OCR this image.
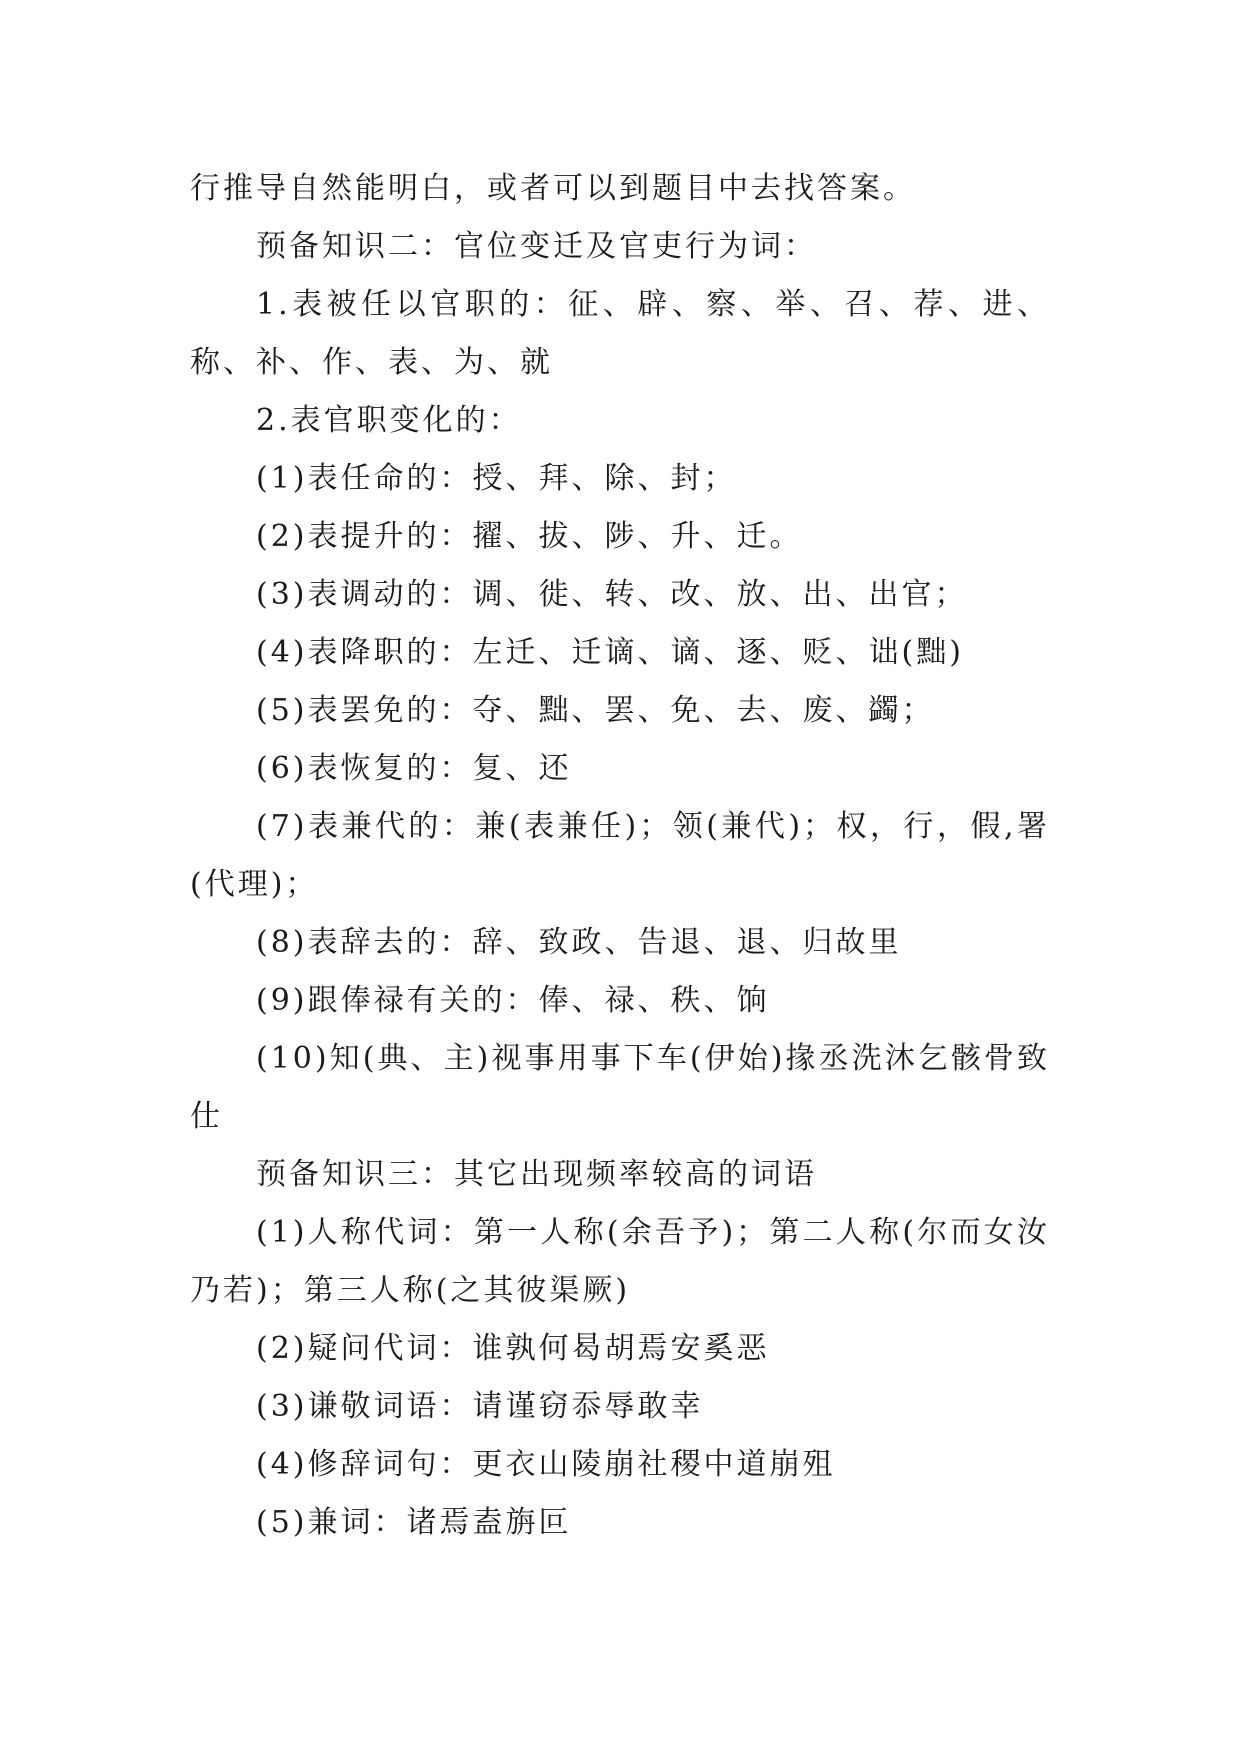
行推导自然能明白，或者可以到题目中去找答案。

预备知识二：官位变迁及官吏行为词：

1.表被任以官职的：征、辟、察、举、召、荐、进、称、补、作、表、为、就

2.表官职变化的：

(1)表任命的：授、拜、除、封；

(2)表提升的：擢、拔、陟、升、迁。

(3)表调动的：调、徙、转、改、放、出、出官；

(4)表降职的：左迁、迁谪、谪、逐、贬、诎(黜)

(5)表罢免的：夺、黜、罢、免、去、废、蠲；

(6)表恢复的：复、还

(7)表兼代的：兼(表兼任)；领(兼代)；权，行，假,署(代理)；

(8)表辞去的：辞、致政、告退、退、归故里

(9)跟俸禄有关的：俸、禄、秩、饷

(10)知(典、主)视事用事下车(伊始)掾丞洗沐乞骸骨致仕

预备知识三：其它出现频率较高的词语

(1)人称代词：第一人称(余吾予)；第二人称(尔而女汝乃若)；第三人称(之其彼渠厥)

(2)疑问代词：谁孰何曷胡焉安奚恶

(3)谦敬词语：请谨窃忝辱敢幸

(4)修辞词句：更衣山陵崩社稷中道崩殂

(5)兼词：诸焉盍旃叵
